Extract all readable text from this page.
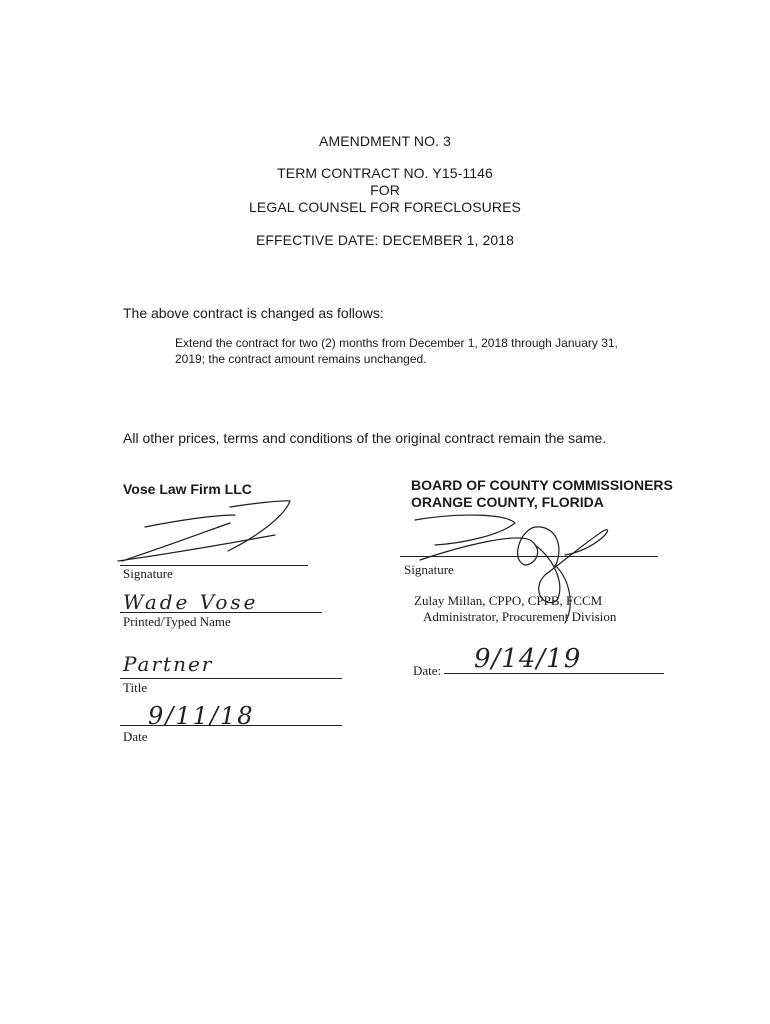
AMENDMENT NO. 3
TERM CONTRACT NO. Y15-1146
FOR
LEGAL COUNSEL FOR FORECLOSURES
EFFECTIVE DATE: DECEMBER 1, 2018
The above contract is changed as follows:
Extend the contract for two (2) months from December 1, 2018 through January 31,
2019; the contract amount remains unchanged.
All other prices, terms and conditions of the original contract remain the same.
Vose Law Firm LLC
Signature
Wade Vose
Printed/Typed Name
Partner
Title
9/11/18
Date
BOARD OF COUNTY COMMISSIONERS
ORANGE COUNTY, FLORIDA
Signature
Zulay Millan, CPPO, CPPB, FCCM
Administrator, Procurement Division
Date: 9/14/19
